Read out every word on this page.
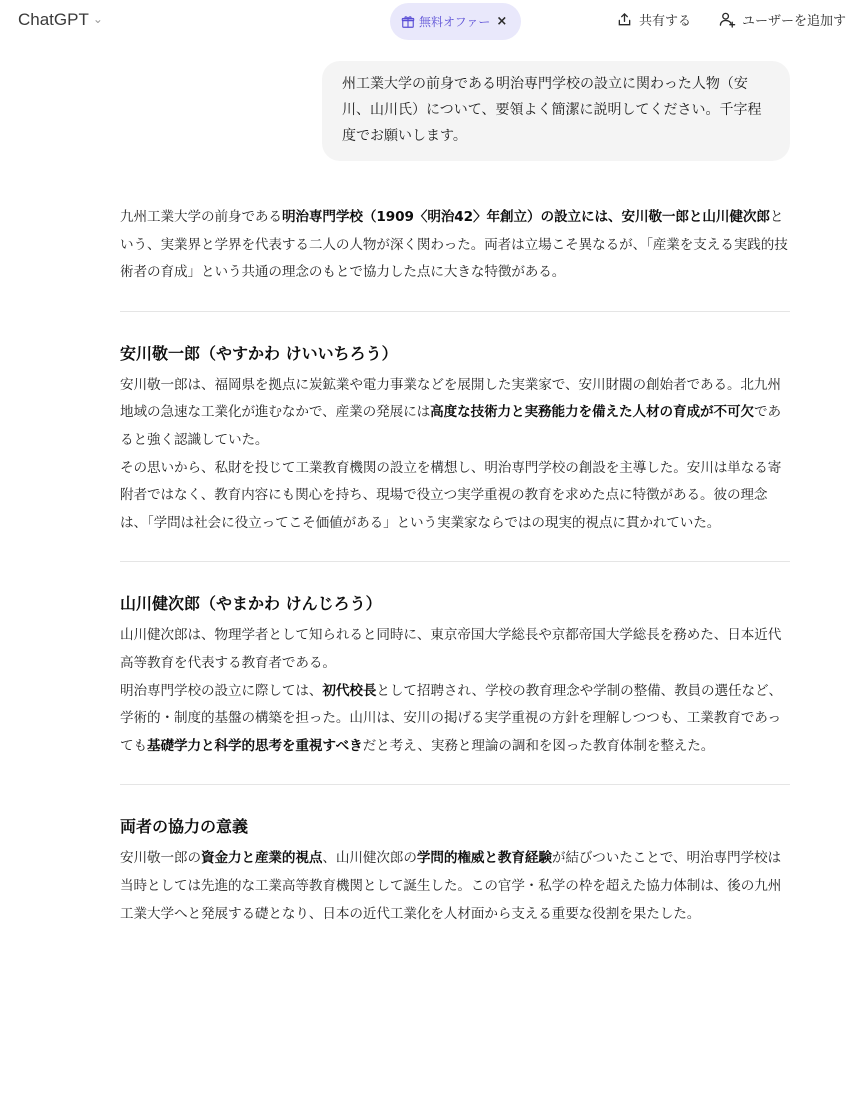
ChatGPT ⌄	無料オファー ×	共有する	ユーザーを追加す
州工業大学の前身である明治専門学校の設立に関わった人物（安川、山川氏）について、要領よく簡潔に説明してください。千字程度でお願いします。

九州工業大学の前身である明治専門学校（1909〈明治42〉年創立）の設立には、安川敬一郎と山川健次郎という、実業界と学界を代表する二人の人物が深く関わった。両者は立場こそ異なるが、「産業を支える実践的技術者の育成」という共通の理念のもとで協力した点に大きな特徴がある。

安川敬一郎（やすかわ けいいちろう）

安川敬一郎は、福岡県を拠点に炭鉱業や電力事業などを展開した実業家で、安川財閥の創始者である。北九州地域の急速な工業化が進むなかで、産業の発展には高度な技術力と実務能力を備えた人材の育成が不可欠であると強く認識していた。

その思いから、私財を投じて工業教育機関の設立を構想し、明治専門学校の創設を主導した。安川は単なる寄附者ではなく、教育内容にも関心を持ち、現場で役立つ実学重視の教育を求めた点に特徴がある。彼の理念は、「学問は社会に役立ってこそ価値がある」という実業家ならではの現実的視点に貫かれていた。

山川健次郎（やまかわ けんじろう）

山川健次郎は、物理学者として知られると同時に、東京帝国大学総長や京都帝国大学総長を務めた、日本近代高等教育を代表する教育者である。

明治専門学校の設立に際しては、初代校長として招聘され、学校の教育理念や学制の整備、教員の選任など、学術的・制度的基盤の構築を担った。山川は、安川の掲げる実学重視の方針を理解しつつも、工業教育であっても基礎学力と科学的思考を重視すべきだと考え、実務と理論の調和を図った教育体制を整えた。

両者の協力の意義

安川敬一郎の資金力と産業的視点、山川健次郎の学問的権威と教育経験が結びついたことで、明治専門学校は当時としては先進的な工業高等教育機関として誕生した。この官学・私学の枠を超えた協力体制は、後の九州工業大学へと発展する礎となり、日本の近代工業化を人材面から支える重要な役割を果たした。
